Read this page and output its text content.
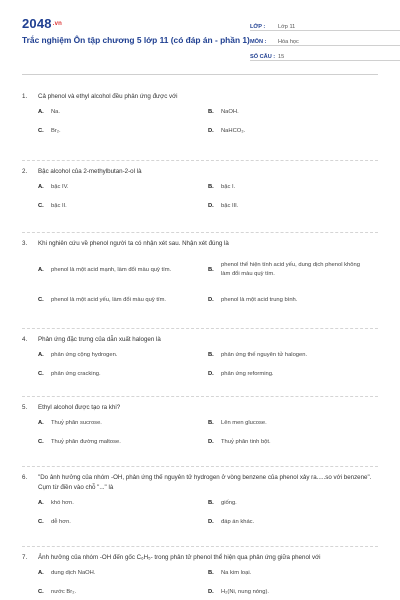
$2048^{.vn}$
Trắc nghiệm Ôn tập chương 5 lớp 11 (có đáp án - phần 1)
LỚP :	Lớp 11
MÔN :	Hóa học
SỐ CÂU : 15
1.	Cả phenol và ethyl alcohol đều phản ứng được với
A.	Na.	B.	NaOH.
C.	Br₂.	D.	NaHCO₃.
2.	Bậc alcohol của 2-methylbutan-2-ol là
A.	bậc IV.	B.	bậc I.
C.	bậc II.	D.	bậc III.
3.	Khi nghiên cứu về phenol người ta có nhận xét sau. Nhận xét đúng là
A.	phenol là một acid mạnh, làm đổi màu quỳ tím.	B.
phenol thể hiện tính acid yếu, dung dịch phenol không làm đổi màu quỳ tím.
C.	phenol là một acid yếu, làm đổi màu quỳ tím.	D.	phenol là một acid trung bình.
4.	Phản ứng đặc trưng của dẫn xuất halogen là
A.	phản ứng cộng hydrogen.	B.	phản ứng thế nguyên tử halogen.
C.	phản ứng cracking.	D.	phản ứng reforming.
5.	Ethyl alcohol được tạo ra khi?
A.	Thuỷ phân sucrose.	B.	Lên men glucose.
C.	Thuỷ phân đường maltose.	D.	Thuỷ phân tinh bột.
6.	"Do ảnh hưởng của nhóm -OH, phản ứng thế nguyên tử hydrogen ở vòng benzene của phenol xảy ra.....so với benzene". Cụm từ điền vào chỗ "..." là
A.	khó hơn.	B.	giống.
C.	dễ hơn.	D.	đáp án khác.
7.	Ảnh hưởng của nhóm -OH đến gốc C₆H₅- trong phân tử phenol thể hiện qua phản ứng giữa phenol với
A.	dung dịch NaOH.	B.	Na kim loại.
C.	nước Br₂.	D.	H₂(Ni, nung nóng).
